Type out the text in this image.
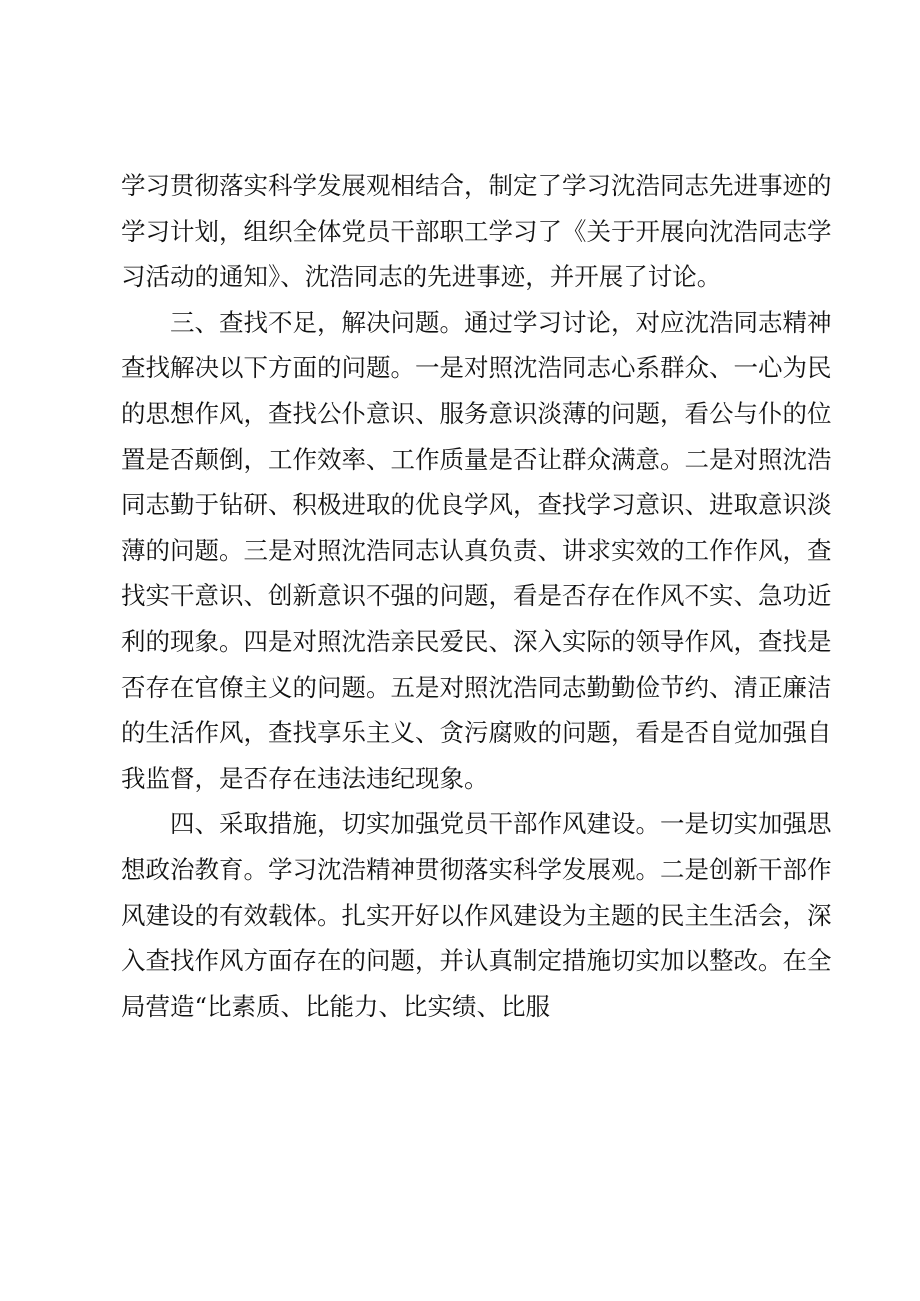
学习贯彻落实科学发展观相结合，制定了学习沈浩同志先进事迹的
学习计划，组织全体党员干部职工学习了《关于开展向沈浩同志学
习活动的通知》、沈浩同志的先进事迹，并开展了讨论。
三、查找不足，解决问题。通过学习讨论，对应沈浩同志精神
查找解决以下方面的问题。一是对照沈浩同志心系群众、一心为民
的思想作风，查找公仆意识、服务意识淡薄的问题，看公与仆的位
置是否颠倒，工作效率、工作质量是否让群众满意。二是对照沈浩
同志勤于钻研、积极进取的优良学风，查找学习意识、进取意识淡
薄的问题。三是对照沈浩同志认真负责、讲求实效的工作作风，查
找实干意识、创新意识不强的问题，看是否存在作风不实、急功近
利的现象。四是对照沈浩亲民爱民、深入实际的领导作风，查找是
否存在官僚主义的问题。五是对照沈浩同志勤勤俭节约、清正廉洁
的生活作风，查找享乐主义、贪污腐败的问题，看是否自觉加强自
我监督，是否存在违法违纪现象。
四、采取措施，切实加强党员干部作风建设。一是切实加强思
想政治教育。学习沈浩精神贯彻落实科学发展观。二是创新干部作
风建设的有效载体。扎实开好以作风建设为主题的民主生活会，深
入查找作风方面存在的问题，并认真制定措施切实加以整改。在全
局营造“比素质、比能力、比实绩、比服
